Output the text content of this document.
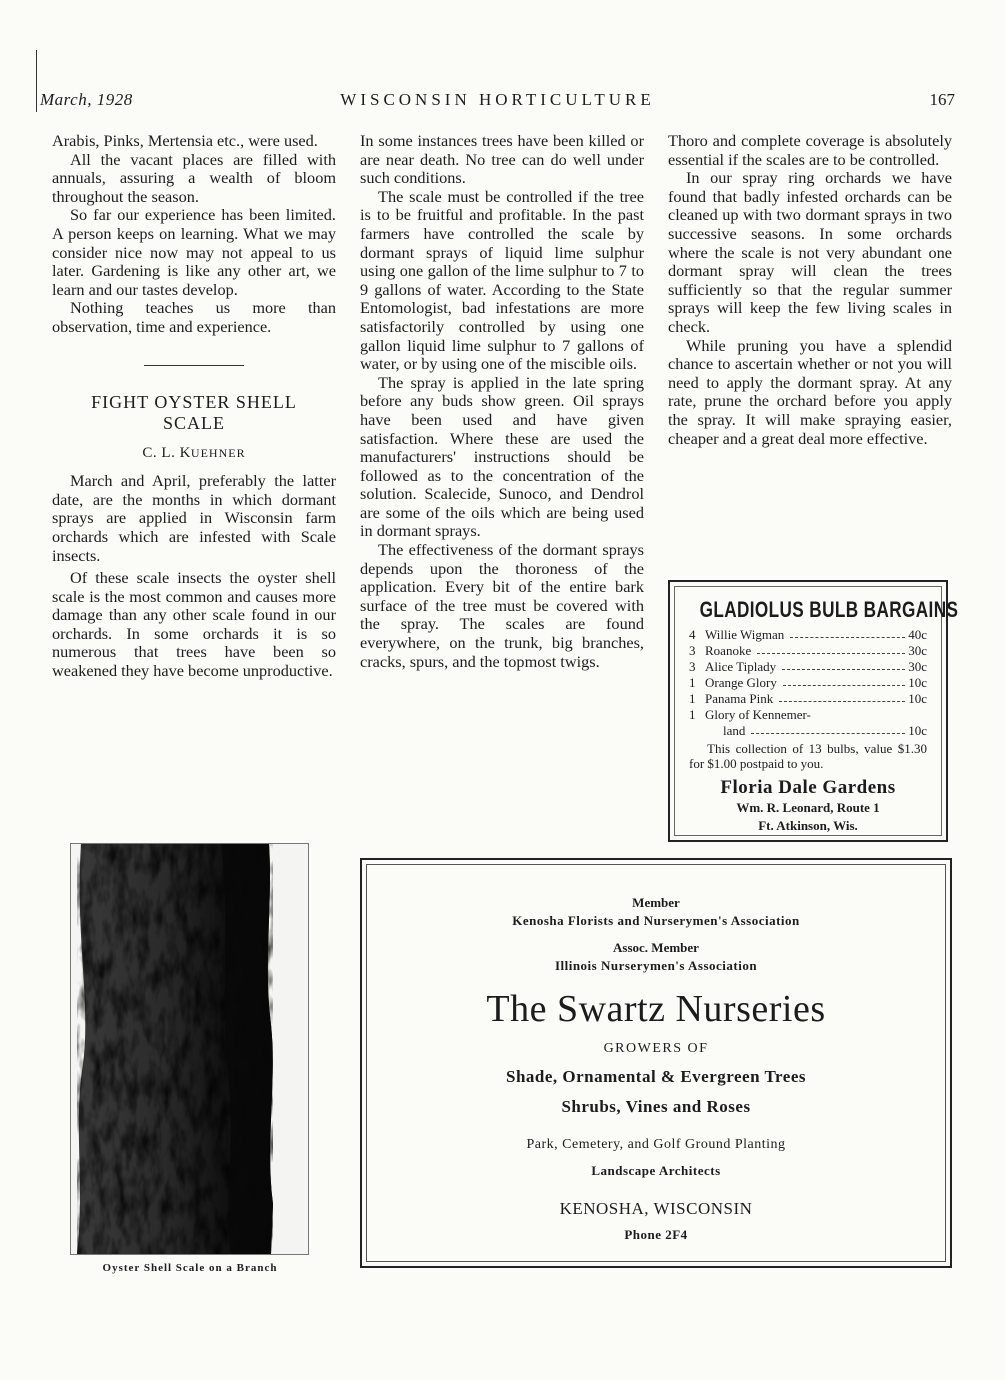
March, 1928	WISCONSIN HORTICULTURE	167

Arabis, Pinks, Mertensia etc., were used.

All the vacant places are filled with annuals, assuring a wealth of bloom throughout the season.

So far our experience has been limited. A person keeps on learning. What we may consider nice now may not appeal to us later. Gardening is like any other art, we learn and our tastes develop.

Nothing teaches us more than observation, time and experience.

FIGHT OYSTER SHELL
SCALE
C. L. KUEHNER

March and April, preferably the latter date, are the months in which dormant sprays are applied in Wisconsin farm orchards which are infested with Scale insects.

Of these scale insects the oyster shell scale is the most common and causes more damage than any other scale found in our orchards. In some orchards it is so numerous that trees have been so weakened they have become unproductive.

In some instances trees have been killed or are near death. No tree can do well under such conditions.

The scale must be controlled if the tree is to be fruitful and profitable. In the past farmers have controlled the scale by dormant sprays of liquid lime sulphur using one gallon of the lime sulphur to 7 to 9 gallons of water. According to the State Entomologist, bad infestations are more satisfactorily controlled by using one gallon liquid lime sulphur to 7 gallons of water, or by using one of the miscible oils.

The spray is applied in the late spring before any buds show green. Oil sprays have been used and have given satisfaction. Where these are used the manufacturers' instructions should be followed as to the concentration of the solution. Scalecide, Sunoco, and Dendrol are some of the oils which are being used in dormant sprays.

The effectiveness of the dormant sprays depends upon the thoroness of the application. Every bit of the entire bark surface of the tree must be covered with the spray. The scales are found everywhere, on the trunk, big branches, cracks, spurs, and the topmost twigs.

Thoro and complete coverage is absolutely essential if the scales are to be controlled.

In our spray ring orchards we have found that badly infested orchards can be cleaned up with two dormant sprays in two successive seasons. In some orchards where the scale is not very abundant one dormant spray will clean the trees sufficiently so that the regular summer sprays will keep the few living scales in check.

While pruning you have a splendid chance to ascertain whether or not you will need to apply the dormant spray. At any rate, prune the orchard before you apply the spray. It will make spraying easier, cheaper and a great deal more effective.

Oyster Shell Scale on a Branch
GLADIOLUS BULB BARGAINS
4 Willie Wigman	40c
3 Roanoke	30c
3 Alice Tiplady	30c
1 Orange Glory	10c
1 Panama Pink	10c
1 Glory of Kennemer-
land	10c
This collection of 13 bulbs, value $1.30 for $1.00 postpaid to you.
Floria Dale Gardens
Wm. R. Leonard, Route 1
Ft. Atkinson, Wis.
Member
Kenosha Florists and Nurserymen's Association
Assoc. Member
Illinois Nurserymen's Association
The Swartz Nurseries
GROWERS OF
Shade, Ornamental & Evergreen Trees
Shrubs, Vines and Roses
Park, Cemetery, and Golf Ground Planting
Landscape Architects
KENOSHA, WISCONSIN
Phone 2F4
